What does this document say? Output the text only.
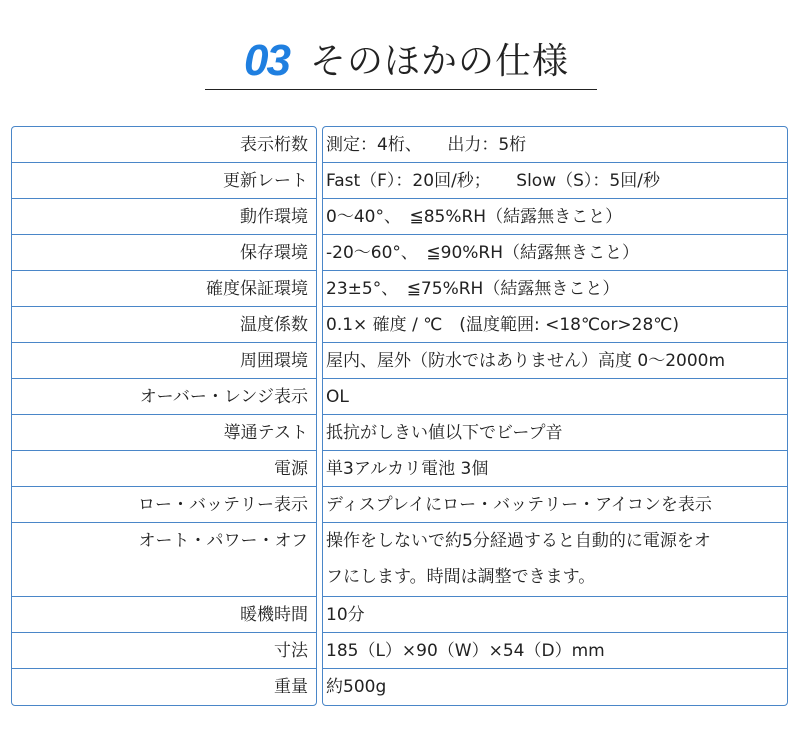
03 そのほかの仕様
表示桁数
更新レート
動作環境
保存環境
確度保証環境
温度係数
周囲環境
オーバー・レンジ表示
導通テスト
電源
ロー・バッテリー表示
オート・パワー・オフ
暖機時間
寸法
重量
測定：4桁、　　出力：5桁
Fast（F）：20回/秒；　　Slow（S）：5回/秒
0〜40°、　≦85%RH（結露無きこと）
-20〜60°、　≦90%RH（結露無きこと）
23±5°、　≦75%RH（結露無きこと）
0.1× 確度 / ℃　(温度範囲: <18℃or>28℃)
屋内、屋外（防水ではありません）高度 0〜2000m
OL
抵抗がしきい値以下でビープ音
単3アルカリ電池 3個
ディスプレイにロー・バッテリー・アイコンを表示
操作をしないで約5分経過すると自動的に電源をオ
フにします。時間は調整できます。
10分
185（L）×90（W）×54（D）mm
約500g
